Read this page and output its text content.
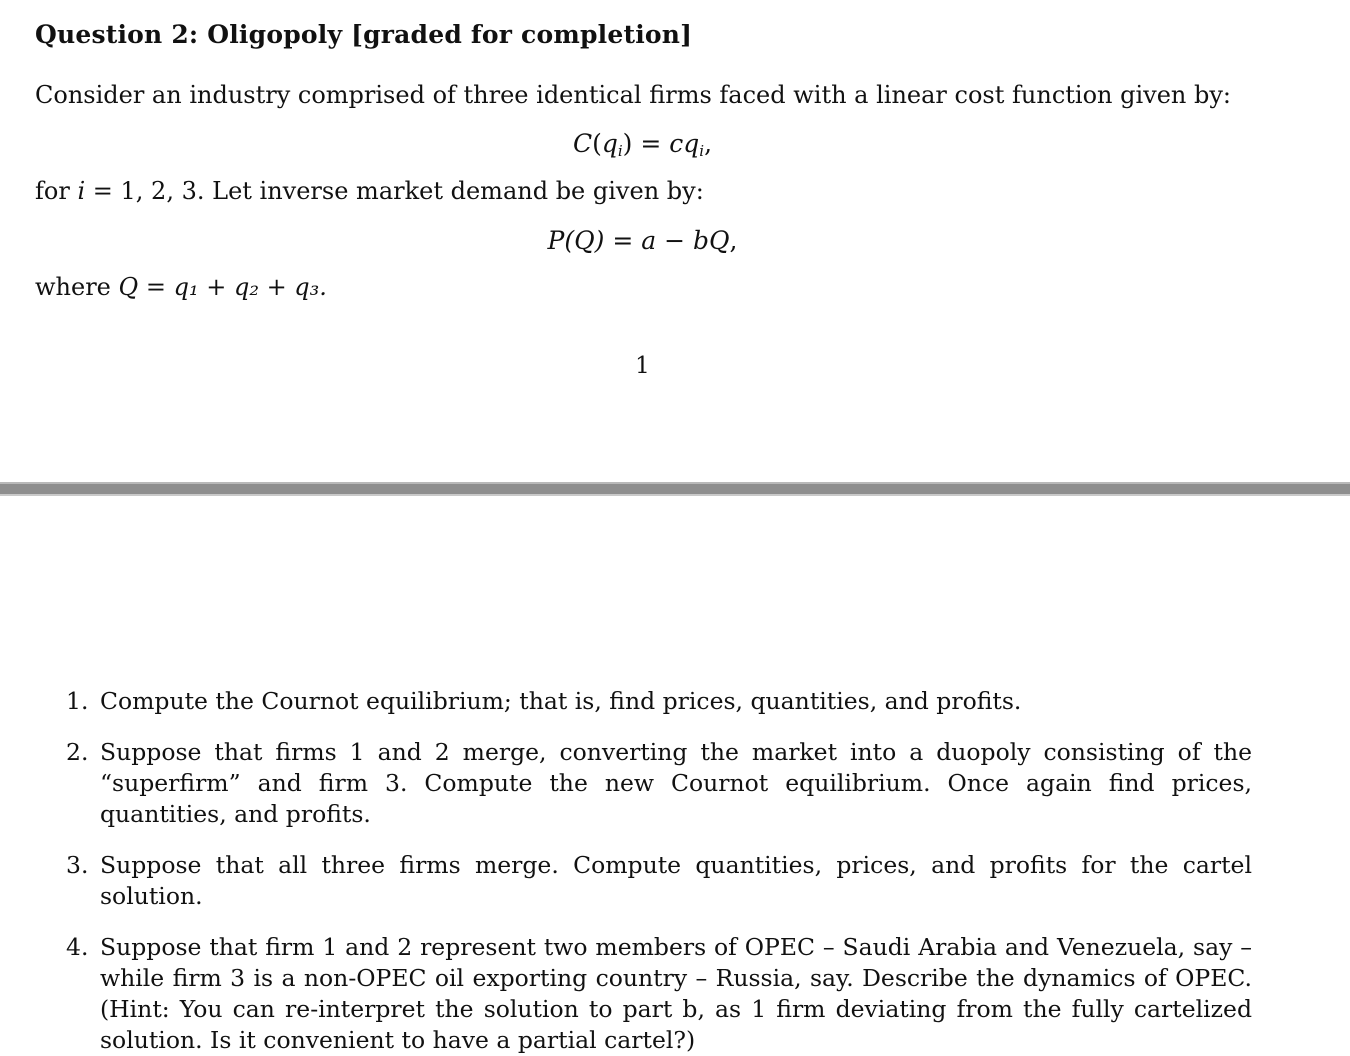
Question 2: Oligopoly [graded for completion]
Consider an industry comprised of three identical firms faced with a linear cost function given by:
$C(q_i) = cq_i$,
for i = 1, 2, 3. Let inverse market demand be given by:
P(Q) = a − bQ,
where Q = q₁ + q₂ + q₃.
1
1. Compute the Cournot equilibrium; that is, find prices, quantities, and profits.
2. Suppose that firms 1 and 2 merge, converting the market into a duopoly consisting of the “superfirm” and firm 3. Compute the new Cournot equilibrium. Once again find prices, quantities, and profits.
3. Suppose that all three firms merge. Compute quantities, prices, and profits for the cartel solution.
4. Suppose that firm 1 and 2 represent two members of OPEC – Saudi Arabia and Venezuela, say – while firm 3 is a non-OPEC oil exporting country – Russia, say. Describe the dynamics of OPEC. (Hint: You can re-interpret the solution to part b, as 1 firm deviating from the fully cartelized solution. Is it convenient to have a partial cartel?)
